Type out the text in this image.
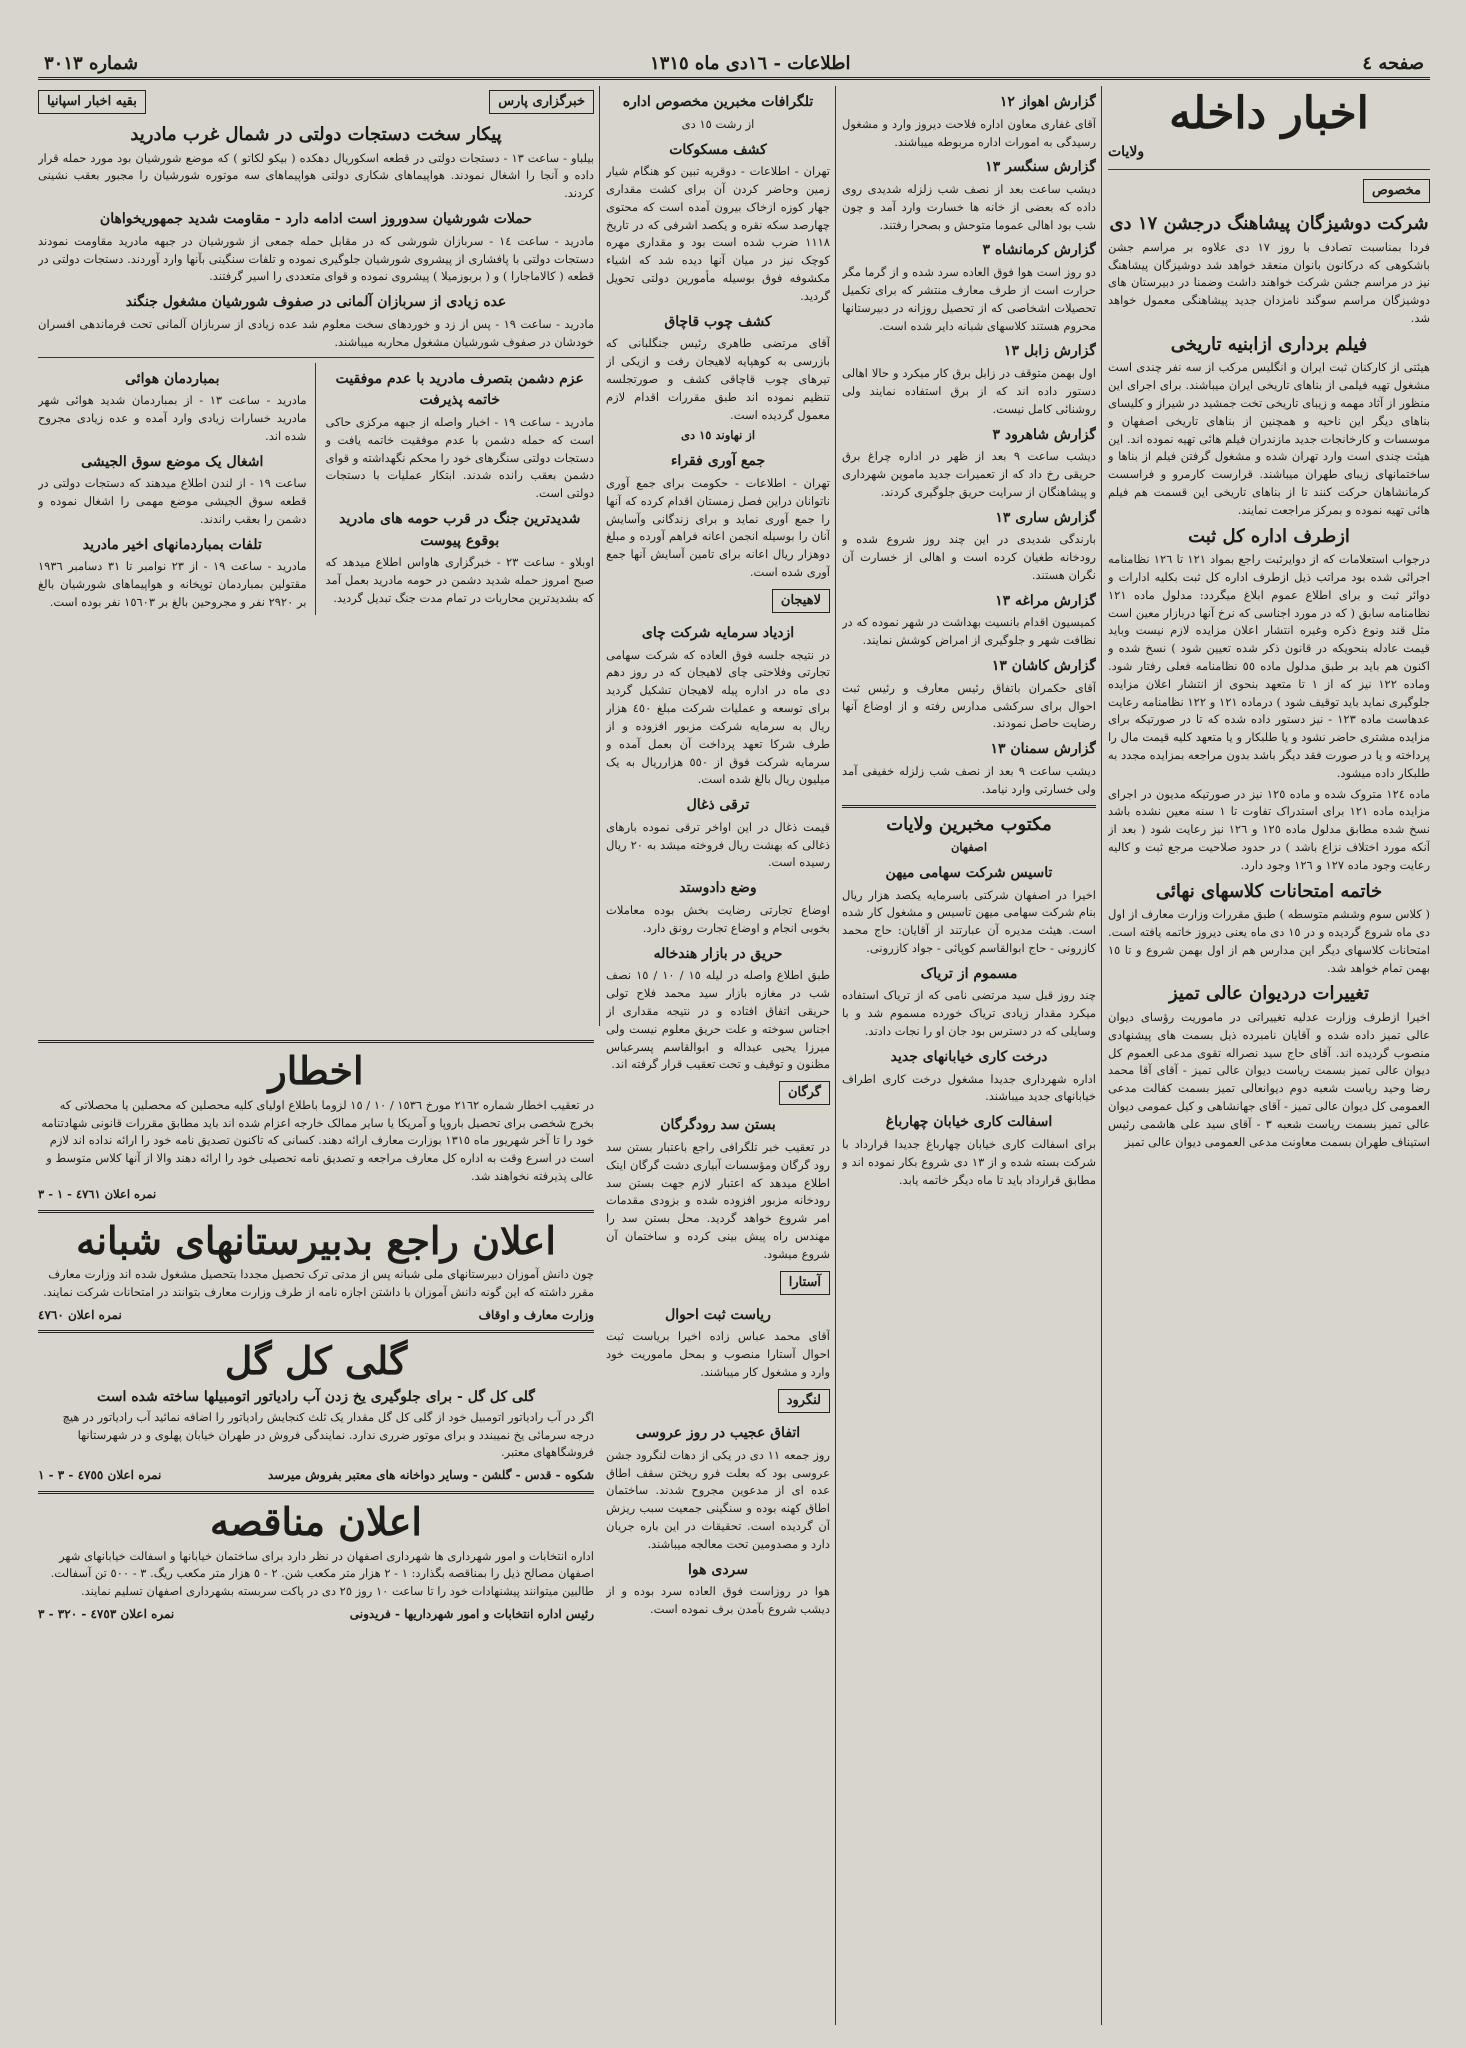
صفحه ٤
اطلاعات - ١٦دی ماه ١٣١٥
شماره ٣٠١٣
اخبار داخله
ولايات
مخصوص
شرکت دوشیزگان پیشاهنگ درجشن ١٧ دی

فردا بمناسبت تصادف با روز ١٧ دی علاوه بر مراسم جشن باشکوهی که درکانون بانوان منعقد خواهد شد دوشیزگان پیشاهنگ نیز در مراسم جشن شرکت خواهند داشت وضمنا در دبیرستان های دوشیزگان مراسم سوگند نامزدان جدید پیشاهنگی معمول خواهد شد.

فیلم برداری ازابنیه تاریخی

هیئتی از کارکنان ثبت ایران و انگلیس مرکب از سه نفر چندی است مشغول تهیه فیلمی از بناهای تاریخی ایران میباشند. برای اجرای این منظور از آثاد مهمه و زیبای تاریخی تخت جمشید در شیراز و کلیسای بناهای دیگر این ناحیه و همچنین از بناهای تاریخی اصفهان و موسسات و کارخانجات جدید مازندران فیلم هائی تهیه نموده اند. این هیئت چندی است وارد تهران شده و مشغول گرفتن فیلم از بناها و ساختمانهای زیبای طهران میباشند. قرارست کارمرو و فراسست کرمانشاهان حرکت کنند تا از بناهای تاریخی این قسمت هم فیلم هائی تهیه نموده و بمرکز مراجعت نمایند.

ازطرف اداره کل ثبت

درجواب استعلامات که از دوایرثبت راجع بمواد ١٢١ تا ١٢٦ نظامنامه اجرائی شده بود مراتب ذیل ازطرف اداره کل ثبت بکلیه ادارات و دوائر ثبت و برای اطلاع عموم ابلاغ میگردد: مدلول ماده ١٢١ نظامنامه سابق ( که در مورد اجناسی که نرخ آنها دربازار معین است مثل قند ونوع ذکره وغیره انتشار اعلان مزایده لازم نیست وباید قیمت عادله بنحویکه در قانون ذکر شده تعیین شود ) نسخ شده و اکنون هم باید بر طبق مدلول ماده ٥٥ نظامنامه فعلی رفتار شود. وماده ١٢٢ نیز که از ١ تا متعهد بنحوی از انتشار اعلان مزایده جلوگیری نماید باید توقیف شود ) درماده ١٢١ و ١٢٢ نظامنامه رعایت عدهاست ماده ١٢٣ - نیز دستور داده شده که تا در صورتیکه برای مزایده مشتری حاضر نشود و یا طلبکار و یا متعهد کلیه قیمت مال را پرداخته و یا در صورت فقد دیگر باشد بدون مراجعه بمزایده مجدد به طلبکار داده میشود.

ماده ١٢٤ متروک شده و ماده ١٢٥ نیز در صورتیکه مدیون در اجرای مزایده ماده ١٢١ برای استدراک تفاوت تا ١ سنه معین نشده باشد نسخ شده مطابق مدلول ماده ١٢٥ و ١٢٦ نیز رعایت شود ( بعد از آنکه مورد اختلاف نزاع باشد ) در حدود صلاحیت مرجع ثبت و کالیه رعایت وجود ماده ١٢٧ و ١٢٦ وجود دارد.

خاتمه امتحانات کلاسهای نهائی

( کلاس سوم وششم متوسطه ) طبق مقررات وزارت معارف از اول دی ماه شروع گردیده و در ١٥ دی ماه یعنی دیروز خاتمه یافته است. امتحانات کلاسهای دیگر این مدارس هم از اول بهمن شروع و تا ١٥ بهمن تمام خواهد شد.

تغییرات دردیوان عالی تمیز

اخیرا ازطرف وزارت عدلیه تغییراتی در ماموریت رؤسای دیوان عالی تمیز داده شده و آقایان نامبرده ذیل بسمت های پیشنهادی منصوب گردیده اند. آقای حاج سید نصراله تقوی مدعی العموم کل دیوان عالی تمیز بسمت ریاست دیوان عالی تمیز - آقای آقا محمد رضا وحید ریاست شعبه دوم دیوانعالی تمیز بسمت کفالت مدعی العمومی کل دیوان عالی تمیز - آقای جهانشاهی و کیل عمومی دیوان عالی تمیز بسمت ریاست شعبه ٣ - آقای سید علی هاشمی رئیس استیناف طهران بسمت معاونت مدعی العمومی دیوان عالی تمیز

گزارش اهواز ١٢

آقای غفاری معاون اداره فلاحت دیروز وارد و مشغول رسیدگی به امورات اداره مربوطه میباشند.

گزارش سنگسر ١٣

دیشب ساعت بعد از نصف شب زلزله شدیدی روی داده که بعضی از خانه ها خسارت وارد آمد و چون شب بود اهالی عموما متوحش و بصحرا رفتند.

گزارش کرمانشاه ٣

دو روز است هوا فوق العاده سرد شده و از گرما مگر حرارت است از طرف معارف منتشر که برای تکمیل تحصیلات اشخاصی که از تحصیل روزانه در دبیرستانها محروم هستند کلاسهای شبانه دایر شده است.

گزارش زابل ١٣

اول بهمن متوقف در زابل برق کار میکرد و حالا اهالی دستور داده اند که از برق استفاده نمایند ولی روشنائی کامل نیست.

گزارش شاهرود ٣

دیشب ساعت ٩ بعد از ظهر در اداره چراغ برق حریقی رخ داد که از تعمیرات جدید ماموین شهرداری و پیشاهنگان از سرایت حریق جلوگیری کردند.

گزارش ساری ١٣

بارندگی شدیدی در این چند روز شروع شده و رودخانه طغیان کرده است و اهالی از خسارت آن نگران هستند.

گزارش مراغه ١٣

کمیسیون اقدام بانسیت بهداشت در شهر نموده که در نظافت شهر و جلوگیری از امراض کوشش نمایند.

گزارش کاشان ١٣

آقای حکمران باتفاق رئیس معارف و رئیس ثبت احوال برای سرکشی مدارس رفته و از اوضاع آنها رضایت حاصل نمودند.

گزارش سمنان ١٣

دیشب ساعت ٩ بعد از نصف شب زلزله خفیفی آمد ولی خسارتی وارد نیامد.

مکتوب مخبرین ولایات
اصفهان
تاسیس شرکت سهامی میهن

اخیرا در اصفهان شرکتی باسرمایه یکصد هزار ریال بنام شرکت سهامی میهن تاسیس و مشغول کار شده است. هیئت مدیره آن عبارتند از آقایان: حاج محمد کازرونی - حاج ابوالقاسم کوپائی - جواد کازرونی.

مسموم از تریاک

چند روز قبل سید مرتضی نامی که از تریاک استفاده میکرد مقدار زیادی تریاک خورده مسموم شد و با وسایلی که در دسترس بود جان او را نجات دادند.

درخت کاری خیابانهای جدید

اداره شهرداری جدیدا مشغول درخت کاری اطراف خیابانهای جدید میباشند.

اسفالت کاری خیابان چهارباغ

برای اسفالت کاری خیابان چهارباغ جدیدا قرارداد با شرکت بسته شده و از ١٣ دی شروع بکار نموده اند و مطابق قرارداد باید تا ماه دیگر خاتمه یابد.

تلگرافات مخبرین مخصوص اداره
از رشت ١٥ دی
کشف مسکوکات

تهران - اطلاعات - دوقریه تبین کو هنگام شیار زمین وحاضر کردن آن برای کشت مقداری جهار کوزه ازخاک بیرون آمده است که محتوی چهارصد سکه نقره و یکصد اشرفی که در تاریخ ١١١٨ ضرب شده است بود و مقداری مهره کوچک نیز در میان آنها دیده شد که اشیاء مکشوفه فوق بوسیله مأمورین دولتی تحویل گردید.

کشف چوب قاچاق

آقای مرتضی طاهری رئیس جنگلبانی که بازرسی به کوهپایه لاهیجان رفت و ازیکی از تیرهای چوب قاچاقی کشف و صورتجلسه تنظیم نموده اند طبق مقررات اقدام لازم معمول گردیده است.

از نهاوند ١٥ دی
جمع آوری فقراء

تهران - اطلاعات - حکومت برای جمع آوری ناتوانان دراین فصل زمستان اقدام کرده که آنها را جمع آوری نماید و برای زندگانی وآسایش آنان را بوسیله انجمن اعانه فراهم آورده و مبلغ دوهزار ریال اعانه برای تامین آسایش آنها جمع آوری شده است.

لاهیجان
ازدیاد سرمایه شرکت چای

در نتیجه جلسه فوق العاده که شرکت سهامی تجارتی وفلاحتی چای لاهیجان که در روز دهم دی ماه در اداره پیله لاهیجان تشکیل گردید برای توسعه و عملیات شرکت مبلغ ٤٥٠ هزار ریال به سرمایه شرکت مزبور افزوده و از طرف شرکا تعهد پرداخت آن بعمل آمده و سرمایه شرکت فوق از ٥٥٠ هزارریال به یک میلیون ریال بالغ شده است.

ترقی ذغال

قیمت ذغال در این اواخر ترقی نموده بارهای ذغالی که بهشت ریال فروخته میشد به ٢٠ ریال رسیده است.

وضع دادوستد

اوضاع تجارتی رضایت بخش بوده معاملات بخوبی انجام و اوضاع تجارت رونق دارد.

حریق در بازار هندخاله

طبق اطلاع واصله در لیله ١٥ / ١٠ / ١٥ نصف شب در مغازه بازار سید محمد فلاح تولی حریقی اتفاق افتاده و در نتیجه مقداری از اجناس سوخته و علت حریق معلوم نیست ولی میرزا یحیی عبداله و ابوالقاسم پسرعباس مظنون و توقیف و تحت تعقیب قرار گرفته اند.

گرگان
بستن سد رودگرگان

در تعقیب خبر تلگرافی راجع باعتبار بستن سد رود گرگان ومؤسسات آبیاری دشت گرگان اینک اطلاع میدهد که اعتبار لازم جهت بستن سد رودخانه مزبور افزوده شده و بزودی مقدمات امر شروع خواهد گردید. محل بستن سد را مهندس راه پیش بینی کرده و ساختمان آن شروع میشود.

آستارا
ریاست ثبت احوال

آقای محمد عباس زاده اخیرا بریاست ثبت احوال آستارا منصوب و بمحل ماموریت خود وارد و مشغول کار میباشند.

لنگرود
اتفاق عجیب در روز عروسی

روز جمعه ١١ دی در یکی از دهات لنگرود جشن عروسی بود که بعلت فرو ریختن سقف اطاق عده ای از مدعوین مجروح شدند. ساختمان اطاق کهنه بوده و سنگینی جمعیت سبب ریزش آن گردیده است. تحقیقات در این باره جریان دارد و مصدومین تحت معالجه میباشند.

سردی هوا

هوا در روزاست فوق العاده سرد بوده و از دیشب شروع بآمدن برف نموده است.

خبرگزاری پارس
بقیه اخبار اسپانیا
پیکار سخت دستجات دولتی در شمال غرب مادرید

بیلباو - ساعت ١٣ - دستجات دولتی در قطعه اسکوریال دهکده ( بیکو لکاتو ) که موضع شورشیان بود مورد حمله قرار داده و آنجا را اشغال نمودند. هواپیماهای شکاری دولتی هواپیماهای سه موتوره شورشیان را مجبور بعقب نشینی کردند.

حملات شورشیان سدوروز است ادامه دارد - مقاومت شدید جمهوریخواهان

مادرید - ساعت ١٤ - سربازان شورشی که در مقابل حمله جمعی از شورشیان در جبهه مادرید مقاومت نمودند دستجات دولتی با پافشاری از پیشروی شورشیان جلوگیری نموده و تلفات سنگینی بآنها وارد آوردند. دستجات دولتی در قطعه ( کالاماجارا ) و ( بربوزمیلا ) پیشروی نموده و قوای متعددی را اسیر گرفتند.

عده زیادی از سربازان آلمانی در صفوف شورشیان مشغول جنگند

مادرید - ساعت ١٩ - پس از زد و خوردهای سخت معلوم شد عده زیادی از سربازان آلمانی تحت فرماندهی افسران خودشان در صفوف شورشیان مشغول محاربه میباشند.

عزم دشمن بتصرف مادرید با عدم موفقیت خاتمه پذیرفت

مادرید - ساعت ١٩ - اخبار واصله از جبهه مرکزی حاکی است که حمله دشمن با عدم موفقیت خاتمه یافت و دستجات دولتی سنگرهای خود را محکم نگهداشته و قوای دشمن بعقب رانده شدند. ابتکار عملیات با دستجات دولتی است.

شدیدترین جنگ در قرب حومه های مادرید بوقوع پیوست

اوبلاو - ساعت ٢٣ - خبرگزاری هاواس اطلاع میدهد که صبح امروز حمله شدید دشمن در حومه مادرید بعمل آمد که بشدیدترین محاربات در تمام مدت جنگ تبدیل گردید.

بمباردمان هوائی

مادرید - ساعت ١٣ - از بمباردمان شدید هوائی شهر مادرید خسارات زیادی وارد آمده و عده زیادی مجروح شده اند.

اشغال یک موضع سوق الجیشی

ساعت ١٩ - از لندن اطلاع میدهند که دستجات دولتی در قطعه سوق الجیشی موضع مهمی را اشغال نموده و دشمن را بعقب راندند.

تلفات بمباردمانهای اخیر مادرید

مادرید - ساعت ١٩ - از ٢٣ نوامبر تا ٣١ دسامبر ١٩٣٦ مقتولین بمباردمان توپخانه و هواپیماهای شورشیان بالغ بر ٢٩٢٠ نفر و مجروحین بالغ بر ١٥٦٠٣ نفر بوده است.

اخطار

در تعقیب اخطار شماره ٢١٦٢ مورخ ١٥٣٦ / ١٠ / ١٥ لزوما باطلاع اولیای کلیه محصلین که محصلین یا محصلاتی که بخرج شخصی برای تحصیل باروپا و آمریکا یا سایر ممالک خارجه اعزام شده اند باید مطابق مقررات قانونی شهادتنامه خود را تا آخر شهریور ماه ١٣١٥ بوزارت معارف ارائه دهند. کسانی که تاکنون تصدیق نامه خود را ارائه نداده اند لازم است در اسرع وقت به اداره کل معارف مراجعه و تصدیق نامه تحصیلی خود را ارائه دهند والا از آنها کلاس متوسط و عالی پذیرفته نخواهند شد.

نمره اعلان ٤٧٦١ - ١ - ٣
اعلان راجع بدبیرستانهای شبانه

چون دانش آموزان دبیرستانهای ملی شبانه پس از مدتی ترک تحصیل مجددا بتحصیل مشغول شده اند وزارت معارف مقرر داشته که این گونه دانش آموزان با داشتن اجازه نامه از طرف وزارت معارف بتوانند در امتحانات شرکت نمایند.

وزارت معارف و اوقاف
نمره اعلان ٤٧٦٠
گلی کل گل
گلی کل گل - برای جلوگیری یخ زدن آب رادیاتور اتومبیلها ساخته شده است

اگر در آب رادیاتور اتومبیل خود از گلی کل گل مقدار یک ثلث کنجایش رادیاتور را اضافه نمائید آب رادیاتور در هیچ درجه سرمائی یخ نمیبندد و برای موتور ضرری ندارد. نمایندگی فروش در طهران خیابان پهلوی و در شهرستانها فروشگاههای معتبر.

شکوه - قدس - گلشن - وسایر دواخانه های معتبر بفروش میرسد
نمره اعلان ٤٧٥٥ - ٣ - ١
اعلان مناقصه

اداره انتخابات و امور شهرداری ها شهرداری اصفهان در نظر دارد برای ساختمان خیابانها و اسفالت خیابانهای شهر اصفهان مصالح ذیل را بمناقصه بگذارد: ١ - ٢ هزار متر مکعب شن. ٢ - ٥ هزار متر مکعب ریگ. ٣ - ٥٠٠ تن آسفالت. طالبین میتوانند پیشنهادات خود را تا ساعت ١٠ روز ٢٥ دی در پاکت سربسته بشهرداری اصفهان تسلیم نمایند.

رئیس اداره انتخابات و امور شهرداریها - فریدونی
نمره اعلان ٤٧٥٣ - ٣٢٠ - ٣
